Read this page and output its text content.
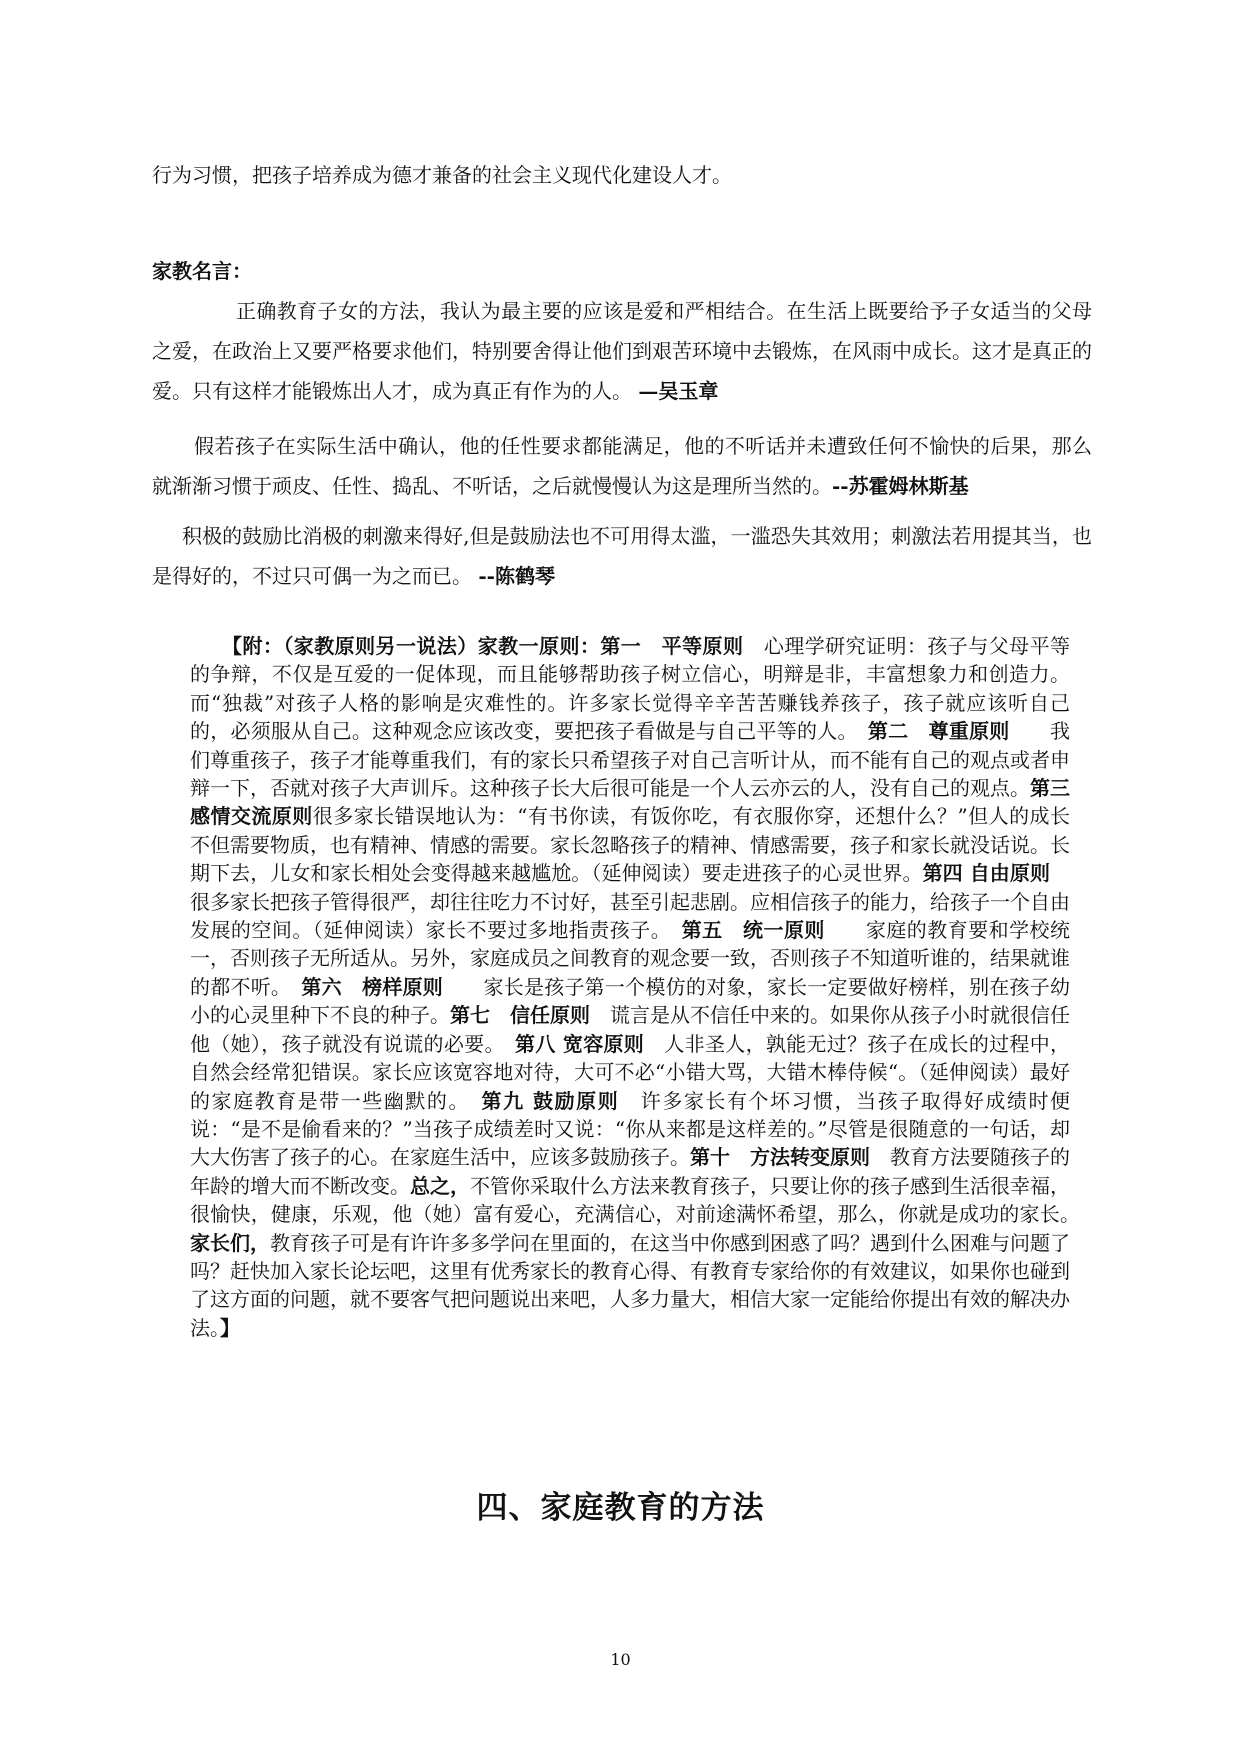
行为习惯，把孩子培养成为德才兼备的社会主义现代化建设人才。
家教名言：
正确教育子女的方法，我认为最主要的应该是爱和严相结合。在生活上既要给予子女适当的父母之爱，在政治上又要严格要求他们，特别要舍得让他们到艰苦环境中去锻炼，在风雨中成长。这才是真正的爱。只有这样才能锻炼出人才，成为真正有作为的人。 —吴玉章
假若孩子在实际生活中确认，他的任性要求都能满足，他的不听话并未遭致任何不愉快的后果，那么就渐渐习惯于顽皮、任性、捣乱、不听话，之后就慢慢认为这是理所当然的。--苏霍姆林斯基
积极的鼓励比消极的刺激来得好,但是鼓励法也不可用得太滥，一滥恐失其效用；刺激法若用提其当，也是得好的，不过只可偶一为之而已。 --陈鹤琴
【附：（家教原则另一说法）家教一原则：第一　平等原则　心理学研究证明：孩子与父母平等的争辩，不仅是互爱的一促体现，而且能够帮助孩子树立信心，明辩是非，丰富想象力和创造力。而“独裁”对孩子人格的影响是灾难性的。许多家长觉得辛辛苦苦赚钱养孩子，孩子就应该听自己的，必须服从自己。这种观念应该改变，要把孩子看做是与自己平等的人。　第二　尊重原则　　我们尊重孩子，孩子才能尊重我们，有的家长只希望孩子对自己言听计从，而不能有自己的观点或者申辩一下，否就对孩子大声训斥。这种孩子长大后很可能是一个人云亦云的人，没有自己的观点。第三　感情交流原则很多家长错误地认为：“有书你读，有饭你吃，有衣服你穿，还想什么？”但人的成长不但需要物质，也有精神、情感的需要。家长忽略孩子的精神、情感需要，孩子和家长就没话说。长期下去，儿女和家长相处会变得越来越尴尬。（延伸阅读）要走进孩子的心灵世界。第四 自由原则　很多家长把孩子管得很严，却往往吃力不讨好，甚至引起悲剧。应相信孩子的能力，给孩子一个自由发展的空间。（延伸阅读）家长不要过多地指责孩子。　第五　统一原则　　家庭的教育要和学校统一，否则孩子无所适从。另外，家庭成员之间教育的观念要一致，否则孩子不知道听谁的，结果就谁的都不听。　第六　榜样原则　　家长是孩子第一个模仿的对象，家长一定要做好榜样，别在孩子幼小的心灵里种下不良的种子。第七　信任原则　谎言是从不信任中来的。如果你从孩子小时就很信任他（她），孩子就没有说谎的必要。　第八 宽容原则　人非圣人，孰能无过？孩子在成长的过程中，自然会经常犯错误。家长应该宽容地对待，大可不必“小错大骂，大错木棒侍候“。（延伸阅读）最好的家庭教育是带一些幽默的。　第九 鼓励原则　许多家长有个坏习惯，当孩子取得好成绩时便说：“是不是偷看来的？”当孩子成绩差时又说：“你从来都是这样差的。”尽管是很随意的一句话，却大大伤害了孩子的心。在家庭生活中，应该多鼓励孩子。第十　方法转变原则　教育方法要随孩子的年龄的增大而不断改变。总之，不管你采取什么方法来教育孩子，只要让你的孩子感到生活很幸福，很愉快，健康，乐观，他（她）富有爱心，充满信心，对前途满怀希望，那么，你就是成功的家长。　家长们，教育孩子可是有许许多多学问在里面的，在这当中你感到困惑了吗？遇到什么困难与问题了吗？赶快加入家长论坛吧，这里有优秀家长的教育心得、有教育专家给你的有效建议，如果你也碰到了这方面的问题，就不要客气把问题说出来吧，人多力量大，相信大家一定能给你提出有效的解决办法。】
四、家庭教育的方法
10
